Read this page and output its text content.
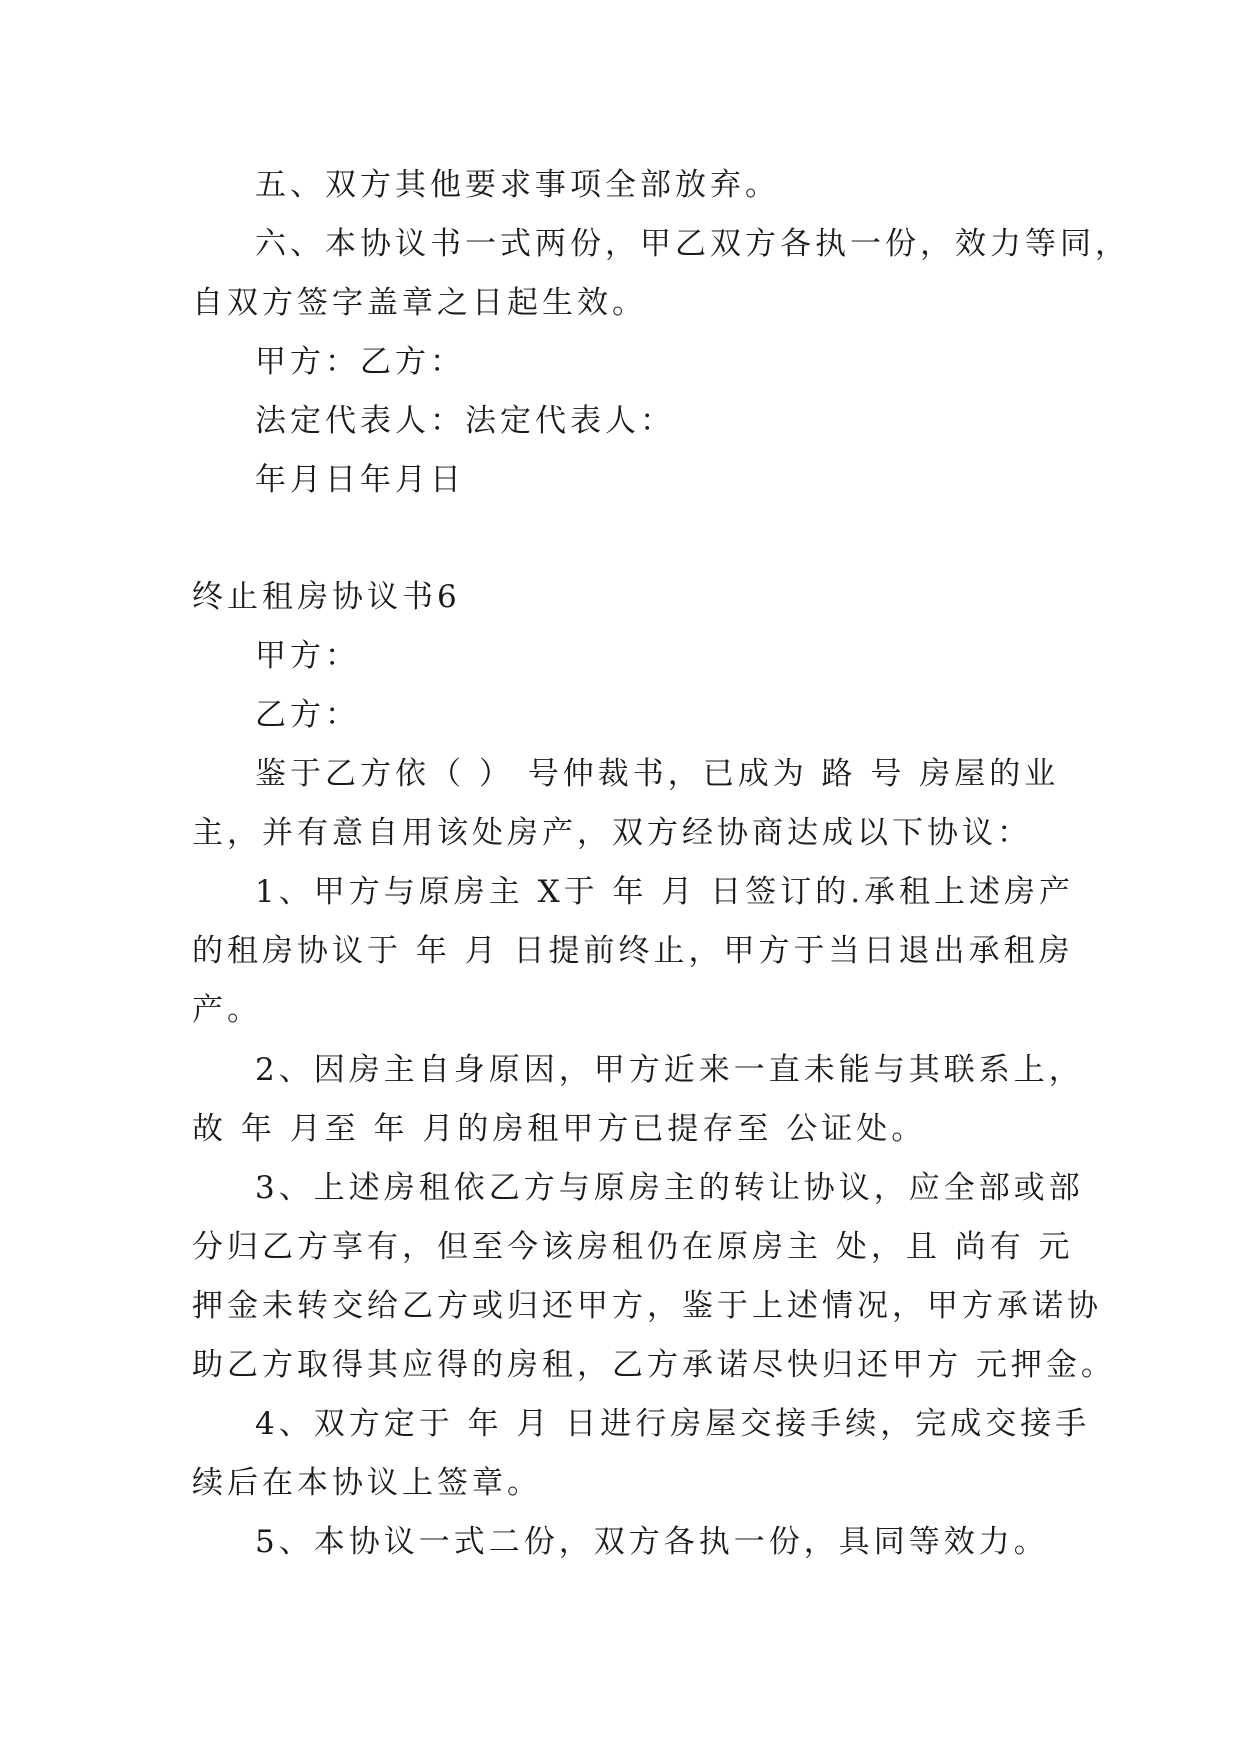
五、双方其他要求事项全部放弃。
六、本协议书一式两份，甲乙双方各执一份，效力等同，
自双方签字盖章之日起生效。
甲方：乙方：
法定代表人：法定代表人：
年月日年月日
终止租房协议书6
甲方：
乙方：
鉴于乙方依（ ） 号仲裁书，已成为 路 号 房屋的业
主，并有意自用该处房产，双方经协商达成以下协议：
1、甲方与原房主 X于 年 月 日签订的.承租上述房产
的租房协议于 年 月 日提前终止，甲方于当日退出承租房
产。
2、因房主自身原因，甲方近来一直未能与其联系上，
故 年 月至 年 月的房租甲方已提存至 公证处。
3、上述房租依乙方与原房主的转让协议，应全部或部
分归乙方享有，但至今该房租仍在原房主 处，且 尚有 元
押金未转交给乙方或归还甲方，鉴于上述情况，甲方承诺协
助乙方取得其应得的房租，乙方承诺尽快归还甲方 元押金。
4、双方定于 年 月 日进行房屋交接手续，完成交接手
续后在本协议上签章。
5、本协议一式二份，双方各执一份，具同等效力。
